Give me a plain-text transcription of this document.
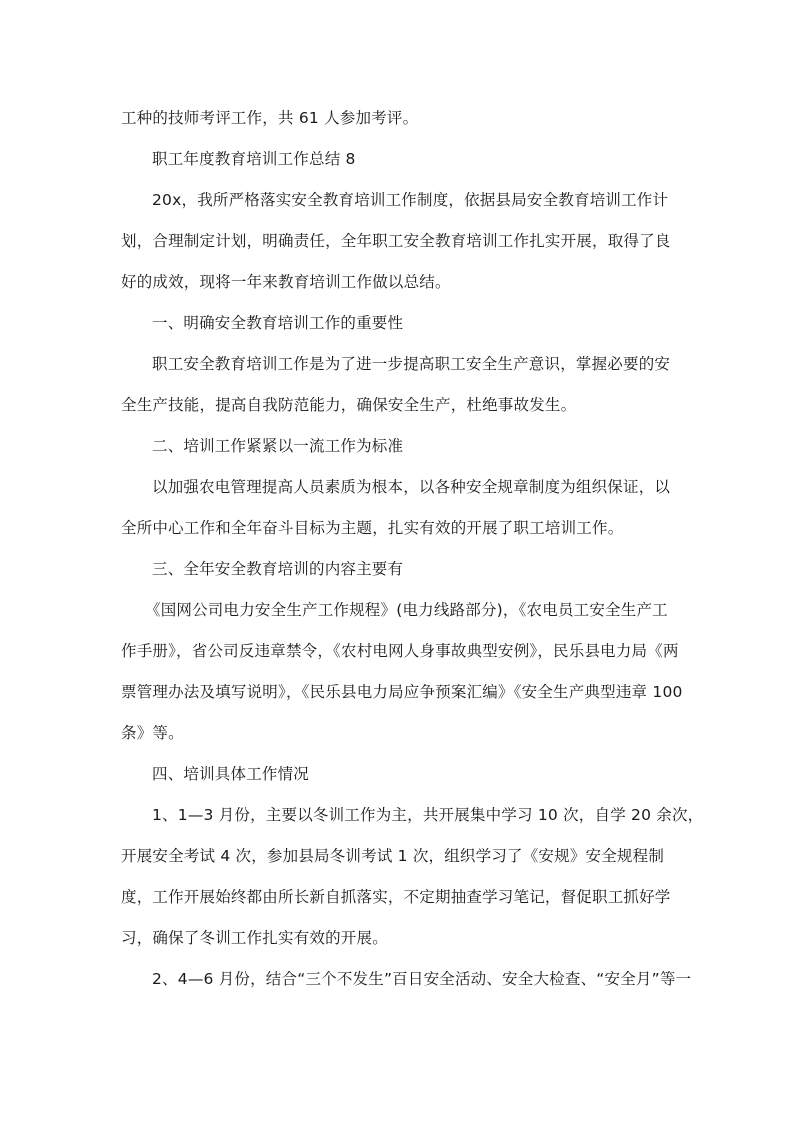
工种的技师考评工作，共 61 人参加考评。
职工年度教育培训工作总结 8
20x，我所严格落实安全教育培训工作制度，依据县局安全教育培训工作计
划，合理制定计划，明确责任，全年职工安全教育培训工作扎实开展，取得了良
好的成效，现将一年来教育培训工作做以总结。
一、明确安全教育培训工作的重要性
职工安全教育培训工作是为了进一步提高职工安全生产意识，掌握必要的安
全生产技能，提高自我防范能力，确保安全生产，杜绝事故发生。
二、培训工作紧紧以一流工作为标准
以加强农电管理提高人员素质为根本，以各种安全规章制度为组织保证，以
全所中心工作和全年奋斗目标为主题，扎实有效的开展了职工培训工作。
三、全年安全教育培训的内容主要有
《国网公司电力安全生产工作规程》(电力线路部分)，《农电员工安全生产工
作手册》，省公司反违章禁令，《农村电网人身事故典型安例》，民乐县电力局《两
票管理办法及填写说明》，《民乐县电力局应争预案汇编》《安全生产典型违章 100
条》等。
四、培训具体工作情况
1、1—3 月份，主要以冬训工作为主，共开展集中学习 10 次，自学 20 余次，
开展安全考试 4 次，参加县局冬训考试 1 次，组织学习了《安规》安全规程制
度，工作开展始终都由所长新自抓落实，不定期抽查学习笔记，督促职工抓好学
习，确保了冬训工作扎实有效的开展。
2、4—6 月份，结合“三个不发生”百日安全活动、安全大检查、“安全月”等一
